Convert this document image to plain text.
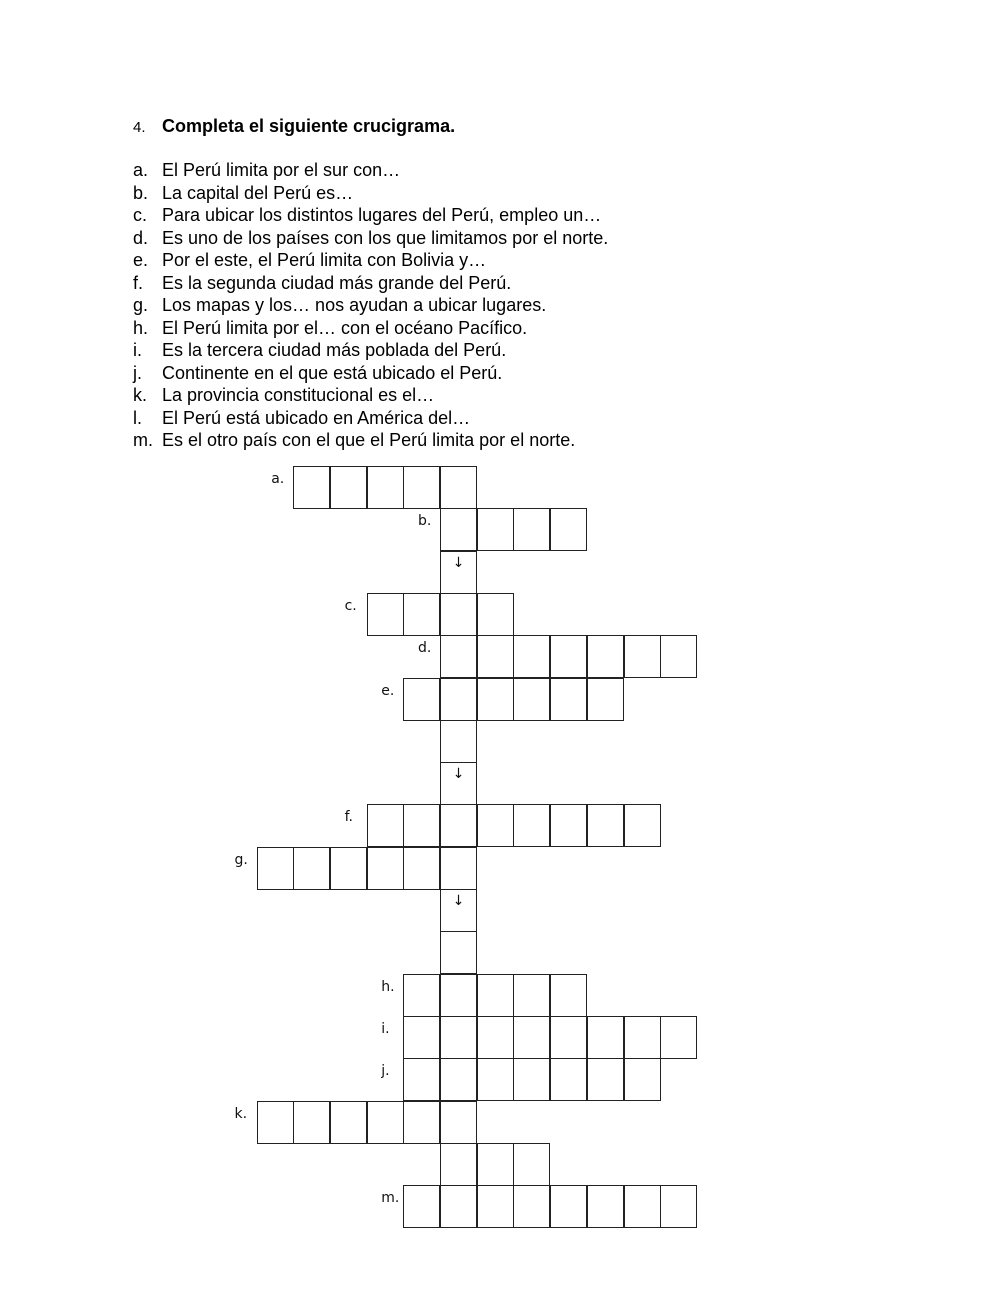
4. Completa el siguiente crucigrama.
a. El Perú limita por el sur con…
b. La capital del Perú es…
c. Para ubicar los distintos lugares del Perú, empleo un…
d. Es uno de los países con los que limitamos por el norte.
e. Por el este, el Perú limita con Bolivia y…
f. Es la segunda ciudad más grande del Perú.
g. Los mapas y los… nos ayudan a ubicar lugares.
h. El Perú limita por el… con el océano Pacífico.
i. Es la tercera ciudad más poblada del Perú.
j. Continente en el que está ubicado el Perú.
k. La provincia constitucional es el…
l. El Perú está ubicado en América del…
m. Es el otro país con el que el Perú limita por el norte.
a.
b.
↓
c.
d.
e.
↓
f.
g.
↓
h.
i.
j.
k.
m.
